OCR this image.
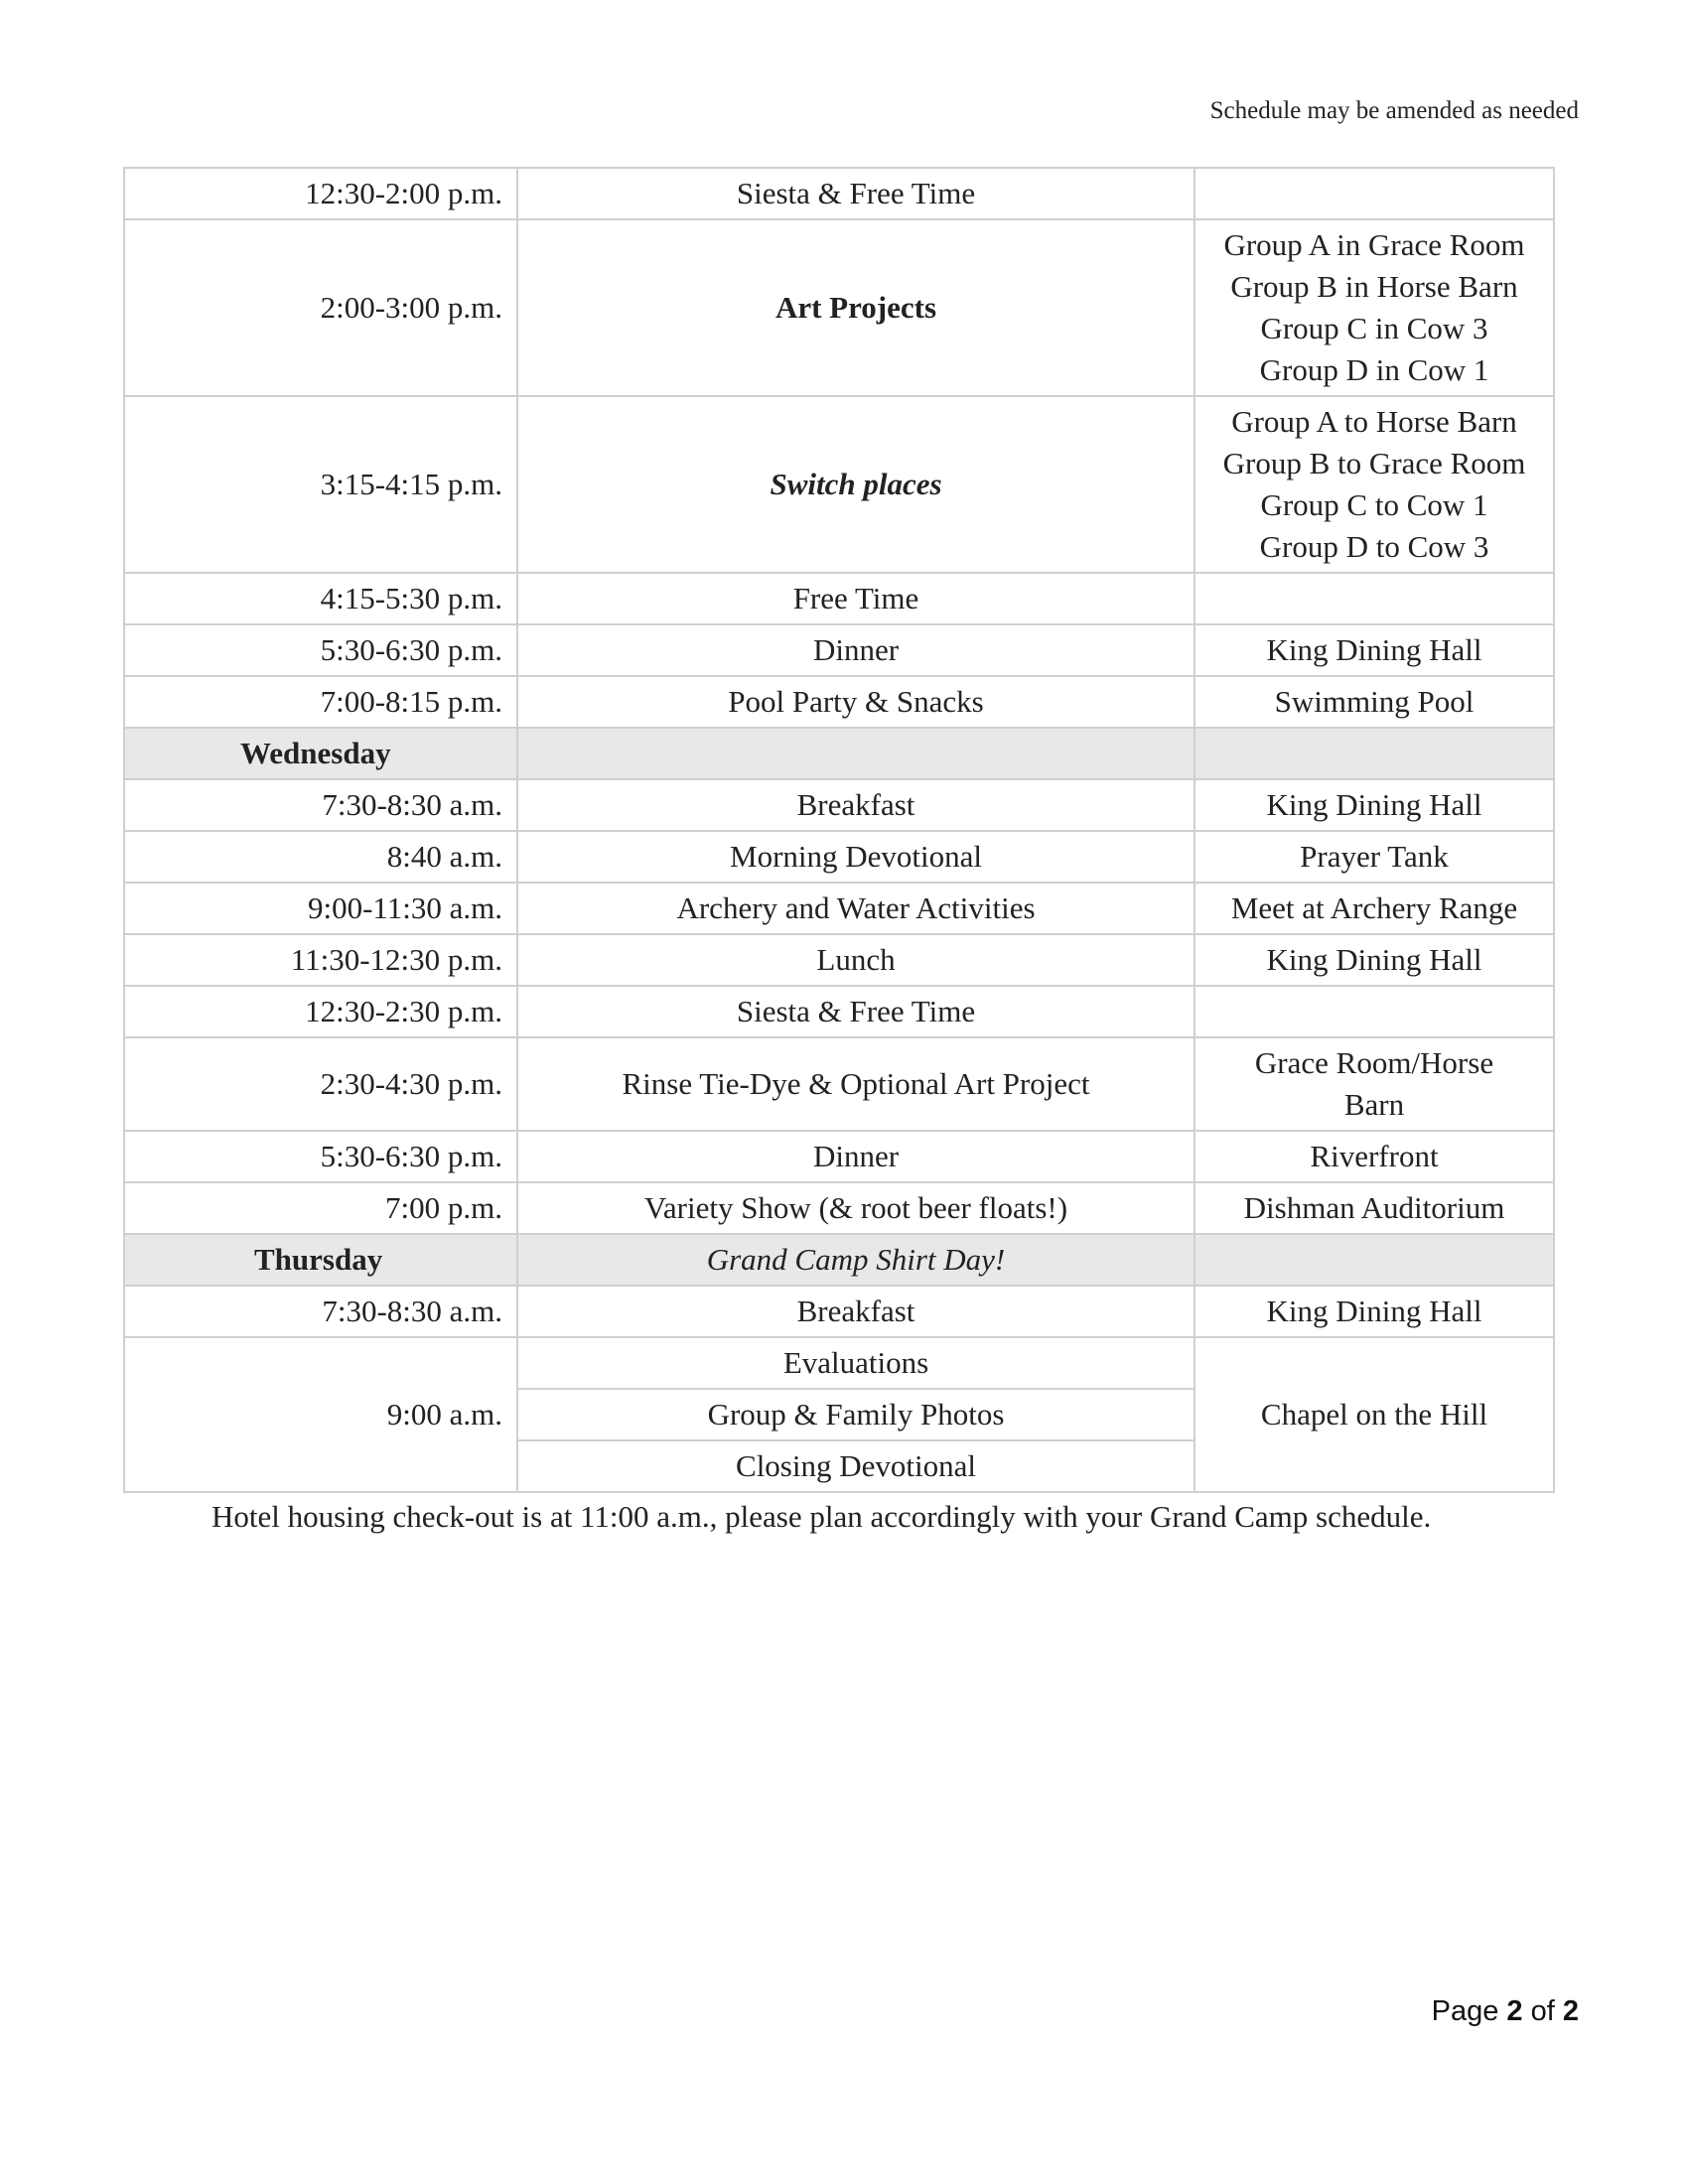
Schedule may be amended as needed
12:30-2:00 p.m.	Siesta & Free Time	
2:00-3:00 p.m.	Art Projects	Group A in Grace Room
Group B in Horse Barn
Group C in Cow 3
Group D in Cow 1

3:15-4:15 p.m.	Switch places	Group A to Horse Barn
Group B to Grace Room
Group C to Cow 1
Group D to Cow 3

4:15-5:30 p.m.	Free Time	
5:30-6:30 p.m.	Dinner	King Dining Hall
7:00-8:15 p.m.	Pool Party & Snacks	Swimming Pool
Wednesday		
7:30-8:30 a.m.	Breakfast	King Dining Hall
8:40 a.m.	Morning Devotional	Prayer Tank
9:00-11:30 a.m.	Archery and Water Activities	Meet at Archery Range
11:30-12:30 p.m.	Lunch	King Dining Hall
12:30-2:30 p.m.	Siesta & Free Time	
2:30-4:30 p.m.	Rinse Tie-Dye & Optional Art Project	Grace Room/Horse
Barn

5:30-6:30 p.m.	Dinner	Riverfront
7:00 p.m.	Variety Show (& root beer floats!)	Dishman Auditorium
Thursday	Grand Camp Shirt Day!	
7:30-8:30 a.m.	Breakfast	King Dining Hall
9:00 a.m.	Evaluations	Chapel on the Hill
	Group & Family Photos	
	Closing Devotional	
Hotel housing check-out is at 11:00 a.m., please plan accordingly with your Grand Camp schedule.
Page 2 of 2
